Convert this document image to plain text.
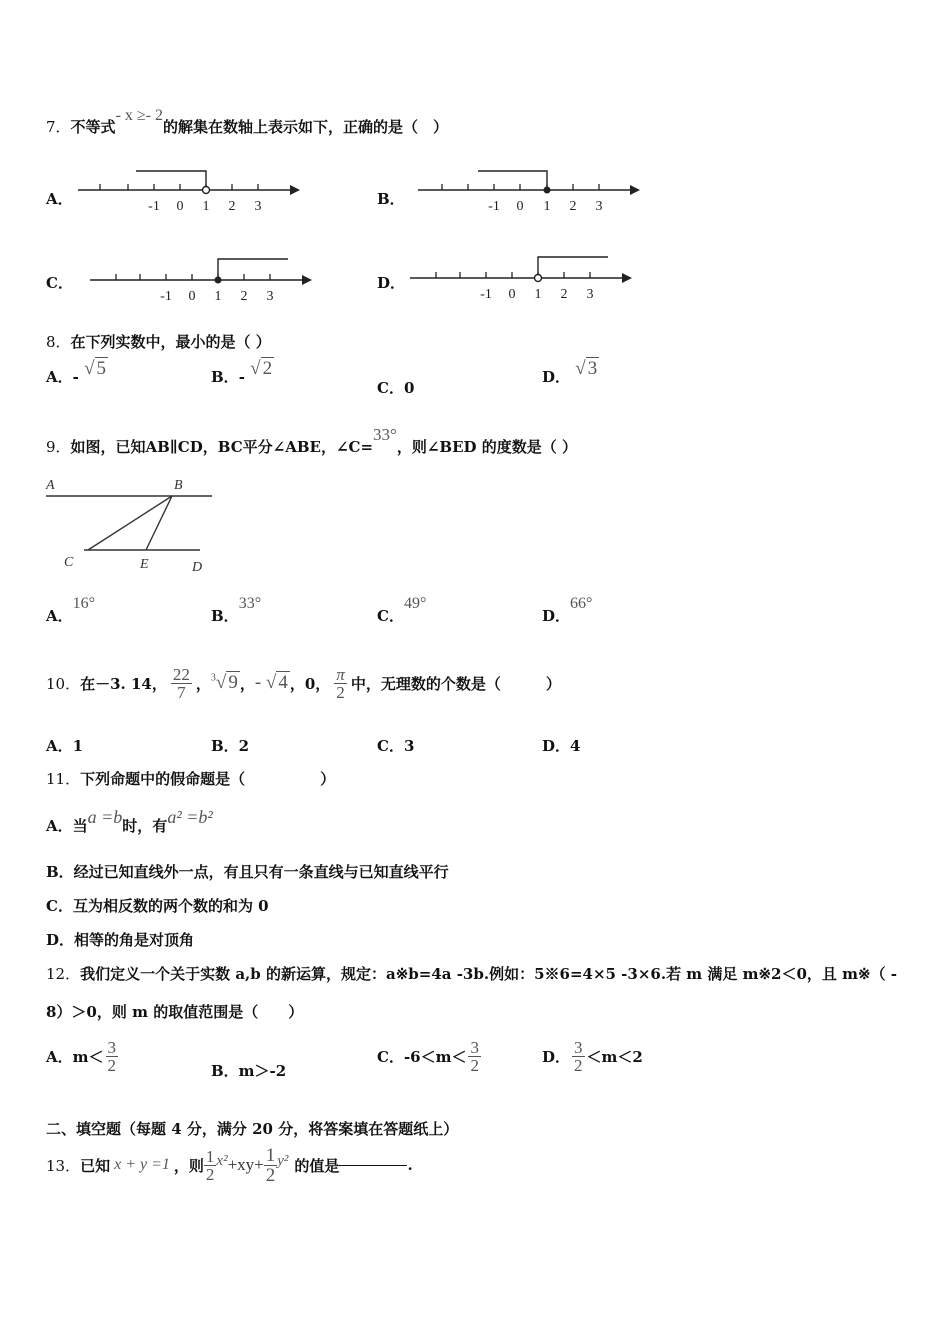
7．不等式- x ≥- 2的解集在数轴上表示如下，正确的是（　）
A．	-1 0 1 2 3	B．	-1 0 1 2 3
C．
-1 0 1 2 3
D．
-1 0 1 2 3
8．在下列实数中，最小的是（ ）
A．- √ 5	B．- √ 2
C．0
D． √ 3
9．如图，已知AB∥CD，BC平分∠ABE，∠C=33°，则∠BED 的度数是（ ）
A	B
C	E	D
A．16°
B．33°
C．49°
D．66°
10． 在－3. 14， $\frac{22}{7}$ ， $^3$√ 9 ， - √ 4 ，0， $\frac{\pi}{2}$ 中，无理数的个数是（　　　）
A．1	B．2	C．3	D．4
11．下列命题中的假命题是（　　　　　）
A．当a =b时，有a² =b²
B．经过已知直线外一点，有且只有一条直线与已知直线平行
C．互为相反数的两个数的和为 0
D．相等的角是对顶角
12．我们定义一个关于实数 a,b 的新运算，规定：a※b=4a -3b.例如：5※6=4×5 -3×6.若 m 满足 m※2＜0，且 m※（ -
8）＞0，则 m 的取值范围是（　　）
A．$m< \frac{3}{2}$	B．m＞-2
C．$-6<m< \frac{3}{2}$	D． $\frac{3}{2} <m<2$
二、填空题（每题 4 分，满分 20 分，将答案填在答题纸上）
13． 已知 x + y =1 ，则 $\frac{1}{2} x^2 +xy+ \frac{1}{2} y^2$ 的值是	.
